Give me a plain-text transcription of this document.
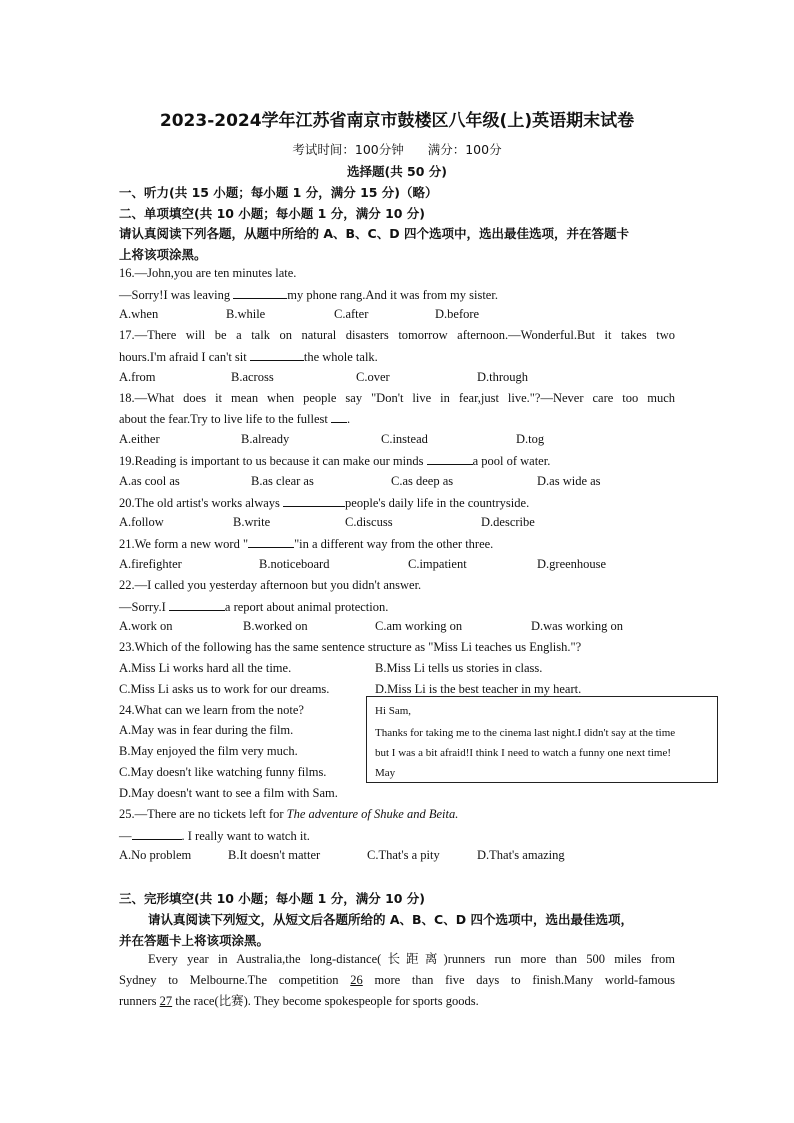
2023-2024学年江苏省南京市鼓楼区八年级(上)英语期末试卷
考试时间：100分钟 满分：100分
选择题(共 50 分)
一、听力(共 15 小题；每小题 1 分，满分 15 分)（略）
二、单项填空(共 10 小题；每小题 1 分，满分 10 分)
请认真阅读下列各题，从题中所给的 A、B、C、D 四个选项中，选出最佳选项，并在答题卡
上将该项涂黑。
16.—John,you are ten minutes late.
—Sorry!I was leaving	my phone rang.And it was from my sister.
A.when	B.while	C.after	D.before
17.—There will be a talk on natural disasters tomorrow afternoon.—Wonderful.But it takes two
hours.I'm afraid I can't sit	the whole talk.
A.from	B.across	C.over	D.through
18.—What does it mean when people say "Don't live in fear,just live."?—Never care too much
about the fear.Try to live life to the fullest .
A.either	B.already	C.instead	D.tog
19.Reading is important to us because it can make our minds	a pool of water.
A.as cool as	B.as clear as	C.as deep as	D.as wide as
20.The old artist's works always	people's daily life in the countryside.
A.follow	B.write	C.discuss	D.describe
21.We form a new word "	"in a different way from the other three.
A.firefighter	B.noticeboard	C.impatient	D.greenhouse
22.—I called you yesterday afternoon but you didn't answer.
—Sorry.I	a report about animal protection.
A.work on	B.worked on	C.am working on	D.was working on
23.Which of the following has the same sentence structure as "Miss Li teaches us English."?
A.Miss Li works hard all the time.	B.Miss Li tells us stories in class.
C.Miss Li asks us to work for our dreams.	D.Miss Li is the best teacher in my heart.
24.What can we learn from the note?
A.May was in fear during the film.
B.May enjoyed the film very much.
C.May doesn't like watching funny films.
D.May doesn't want to see a film with Sam.
Hi Sam,
Thanks for taking me to the cinema last night.I didn't say at the time
but I was a bit afraid!I think I need to watch a funny one next time!
May
25.—There are no tickets left for The adventure of Shuke and Beita.
—	. I really want to watch it.
A.No problem	B.It doesn't matter	C.That's a pity	D.That's amazing
三、完形填空(共 10 小题；每小题 1 分，满分 10 分)
请认真阅读下列短文，从短文后各题所给的 A、B、C、D 四个选项中，选出最佳选项，
并在答题卡上将该项涂黑。
Every year in Australia,the long-distance(长距离)runners run more than 500 miles from
Sydney to Melbourne.The competition 26 more than five days to finish.Many world-famous
runners 27 the race(比赛). They become spokespeople for sports goods.
